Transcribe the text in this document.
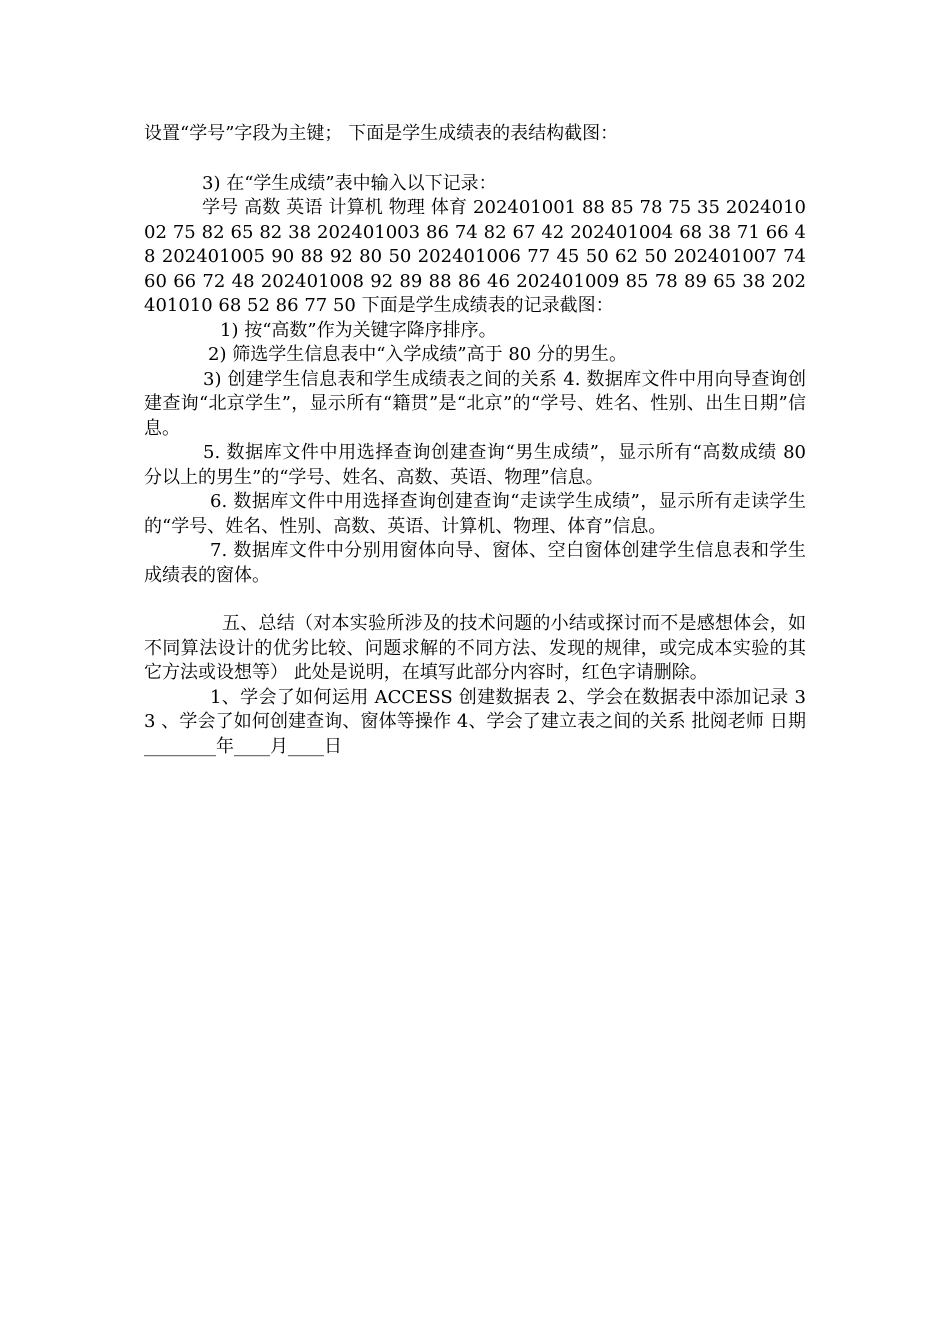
设置“学号”字段为主键； 下面是学生成绩表的表结构截图：

3) 在“学生成绩”表中输入以下记录：

学号 高数 英语 计算机 物理 体育 202401001 88 85 78 75 35 202401002 75 82 65 82 38 202401003 86 74 82 67 42 202401004 68 38 71 66 48 202401005 90 88 92 80 50 202401006 77 45 50 62 50 202401007 74 60 66 72 48 202401008 92 89 88 86 46 202401009 85 78 89 65 38 202401010 68 52 86 77 50 下面是学生成绩表的记录截图：

1) 按“高数”作为关键字降序排序。

2) 筛选学生信息表中“入学成绩”高于 80 分的男生。

3) 创建学生信息表和学生成绩表之间的关系 4. 数据库文件中用向导查询创建查询“北京学生”，显示所有“籍贯”是“北京”的“学号、姓名、性别、出生日期”信息。

5. 数据库文件中用选择查询创建查询“男生成绩”，显示所有“高数成绩 80 分以上的男生”的“学号、姓名、高数、英语、物理”信息。

6. 数据库文件中用选择查询创建查询“走读学生成绩”，显示所有走读学生的“学号、姓名、性别、高数、英语、计算机、物理、体育”信息。

7. 数据库文件中分别用窗体向导、窗体、空白窗体创建学生信息表和学生成绩表的窗体。

五、总结（对本实验所涉及的技术问题的小结或探讨而不是感想体会，如不同算法设计的优劣比较、问题求解的不同方法、发现的规律，或完成本实验的其它方法或设想等） 此处是说明，在填写此部分内容时，红色字请删除。

1、学会了如何运用 ACCESS 创建数据表 2、学会在数据表中添加记录 3 3 、学会了如何创建查询、窗体等操作 4、学会了建立表之间的关系 批阅老师 日期 ________年____月____日
